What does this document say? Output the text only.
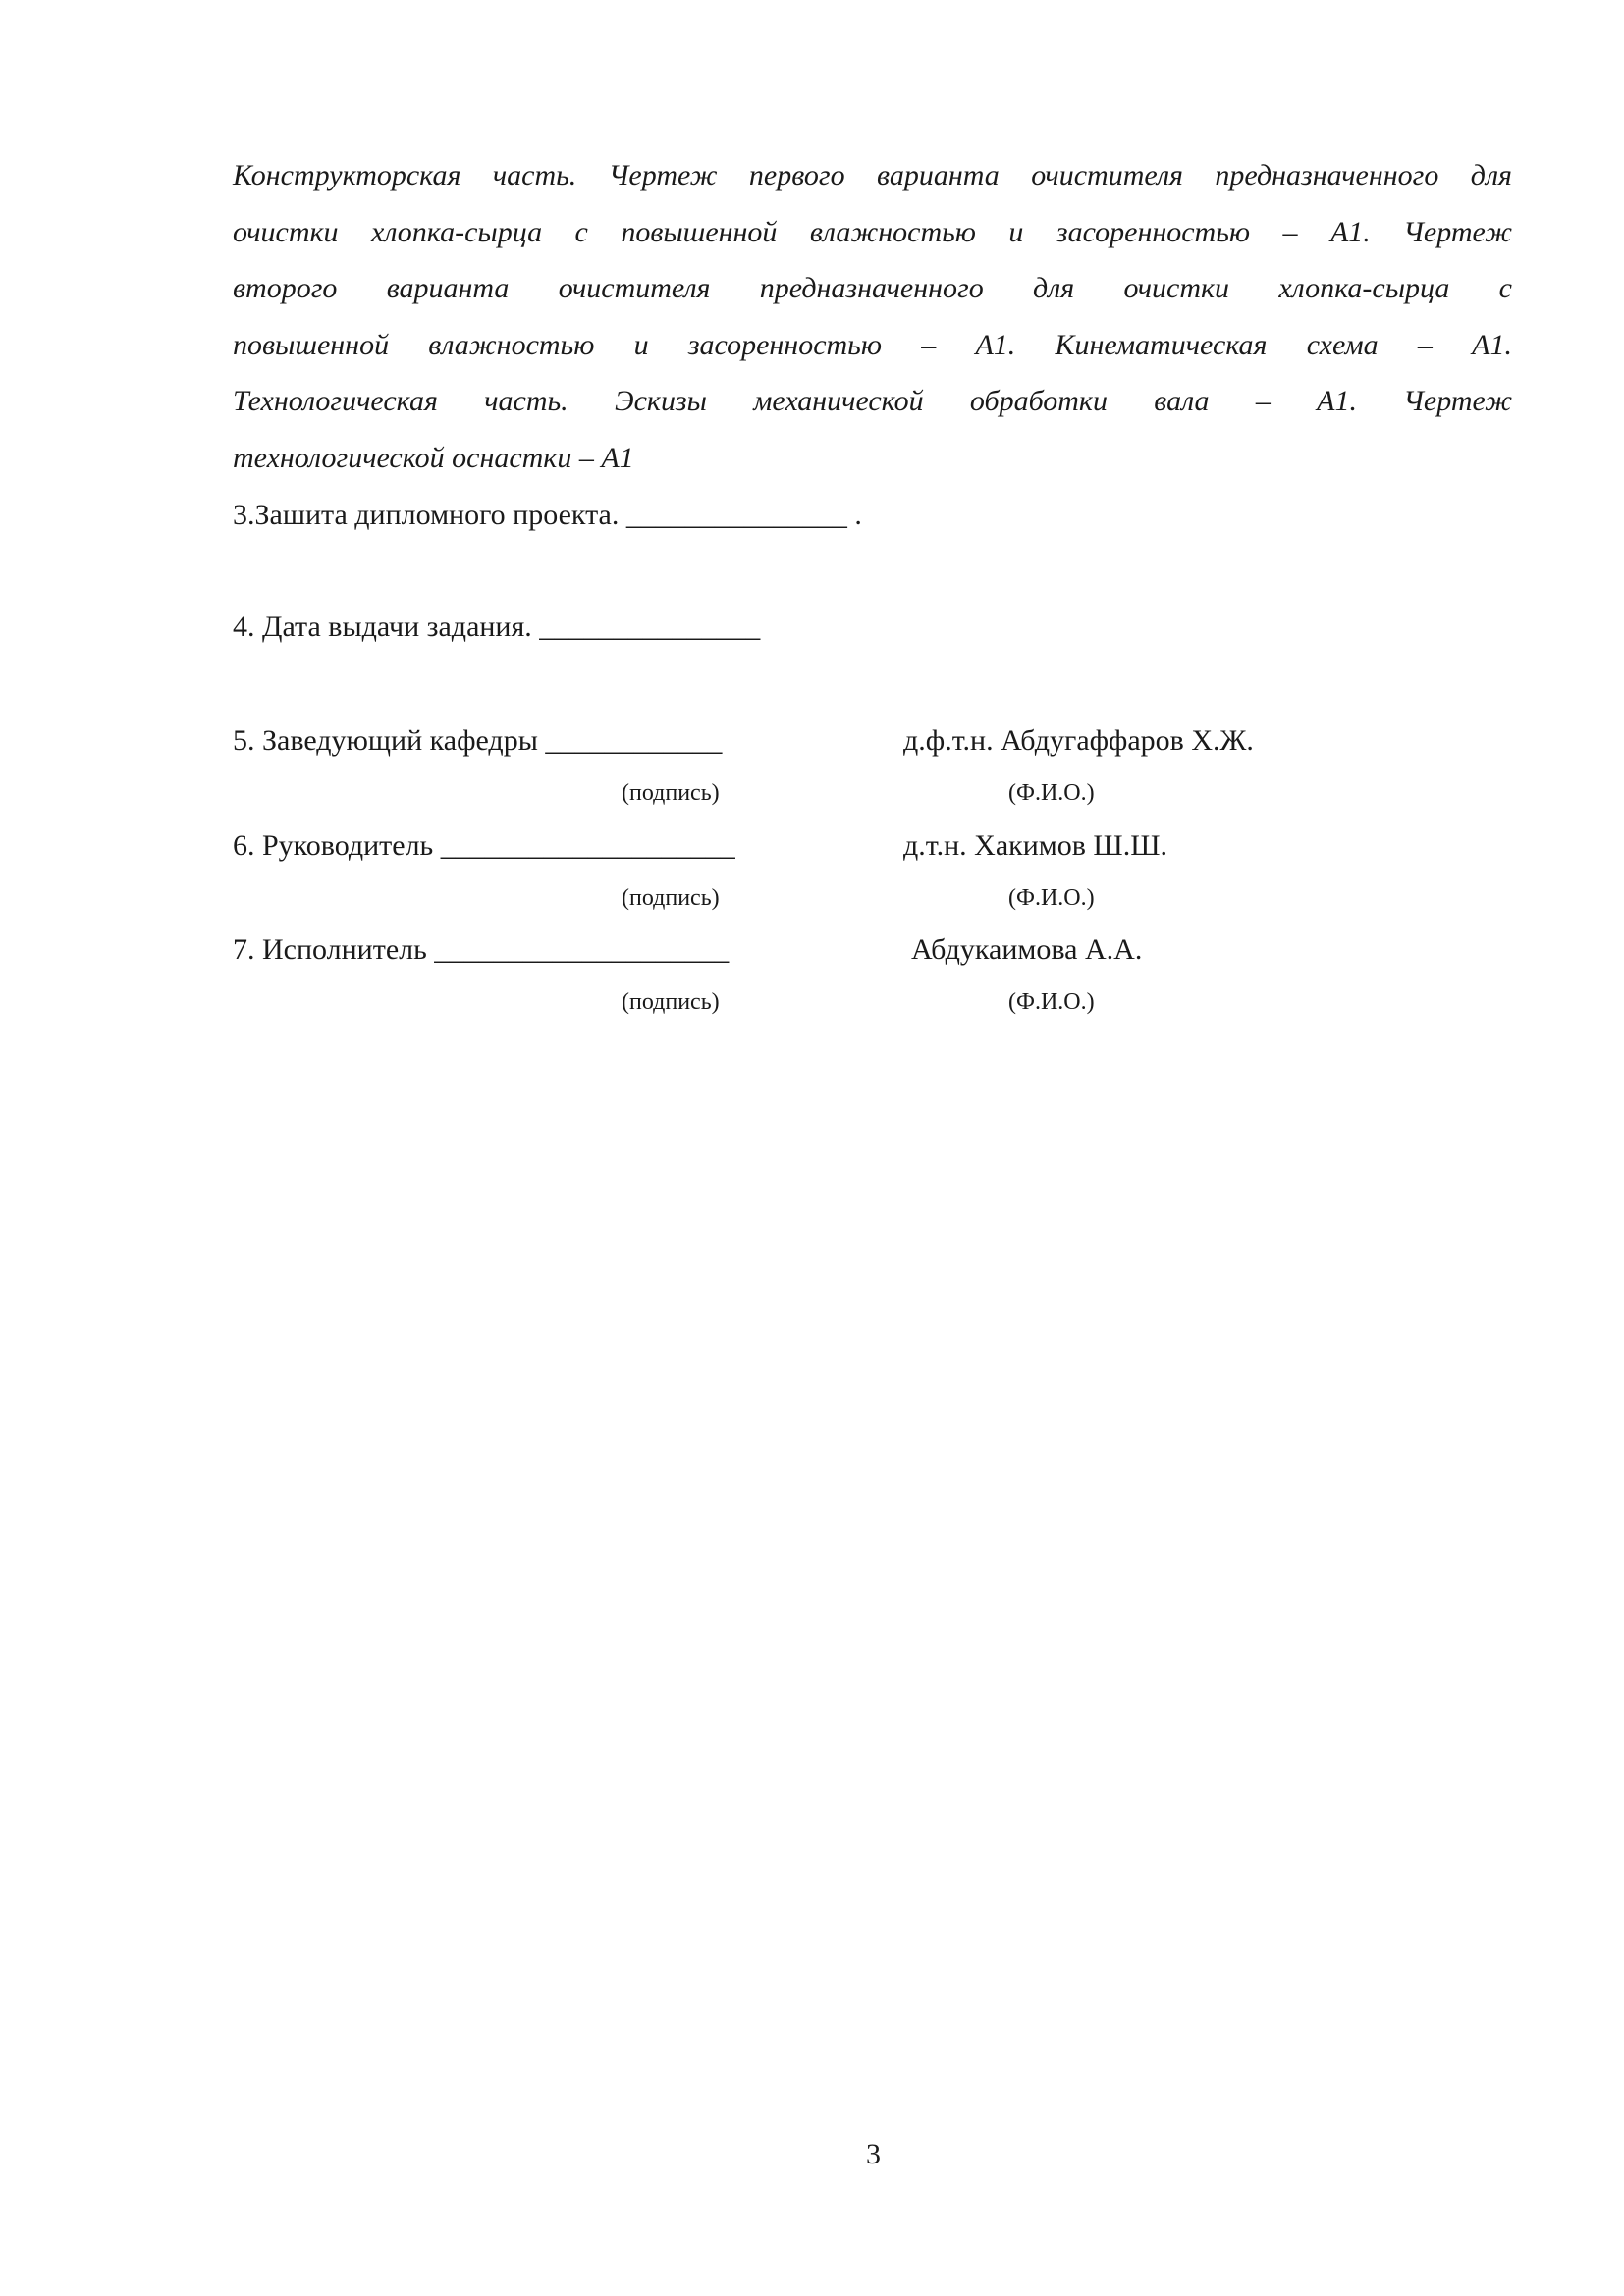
Конструкторская часть. Чертеж первого варианта очистителя предназначенного для
очистки хлопка-сырца с повышенной влажностью и засоренностью – А1. Чертеж
второго варианта очистителя предназначенного для очистки хлопка-сырца с
повышенной влажностью и засоренностью – А1. Кинематическая схема – А1.
Технологическая часть. Эскизы механической обработки вала – А1. Чертеж
технологической оснастки – А1
3.Зашита дипломного проекта. _______________ .
4. Дата выдачи задания. _______________
5. Заведующий кафедры ____________	д.ф.т.н. Абдугаффаров Х.Ж.
(подпись)	(Ф.И.О.)
6. Руководитель ____________________	д.т.н. Хакимов Ш.Ш.
(подпись)	(Ф.И.О.)
7. Исполнитель ____________________	Абдукаимова А.А.
(подпись)	(Ф.И.О.)
3
